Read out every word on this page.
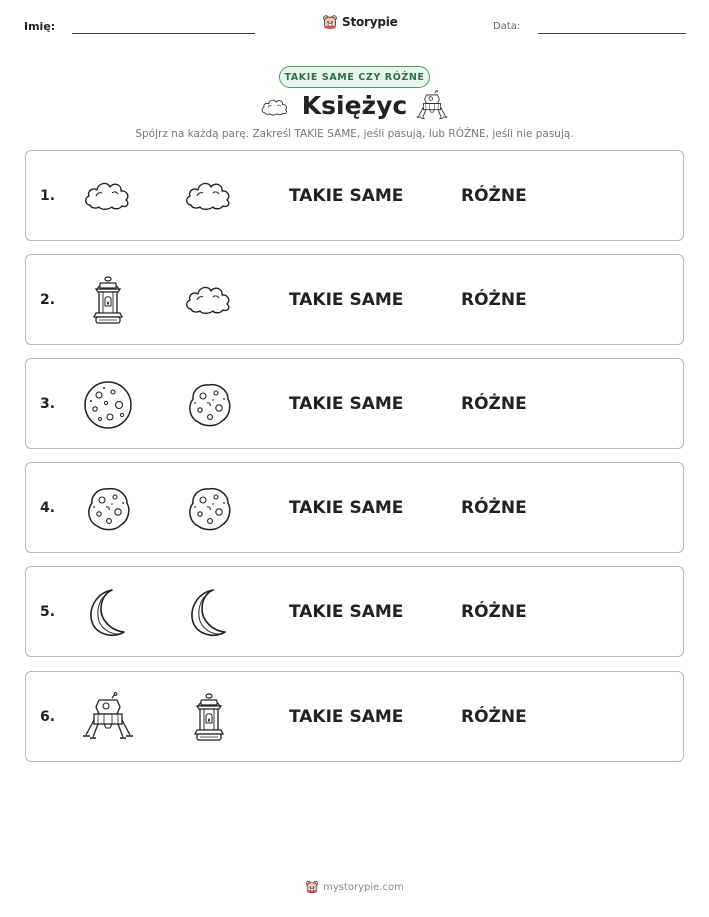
Imię:	Storypie	Data:
TAKIE SAME CZY RÓŻNE
Księżyc
Spójrz na każdą parę. Zakreśl TAKIE SAME, jeśli pasują, lub RÓŻNE, jeśli nie pasują.
1.	TAKIE SAME	RÓŻNE
2.	TAKIE SAME	RÓŻNE
3.	TAKIE SAME	RÓŻNE
4.	TAKIE SAME	RÓŻNE
5.	TAKIE SAME	RÓŻNE
6.	TAKIE SAME	RÓŻNE
mystorypie.com
